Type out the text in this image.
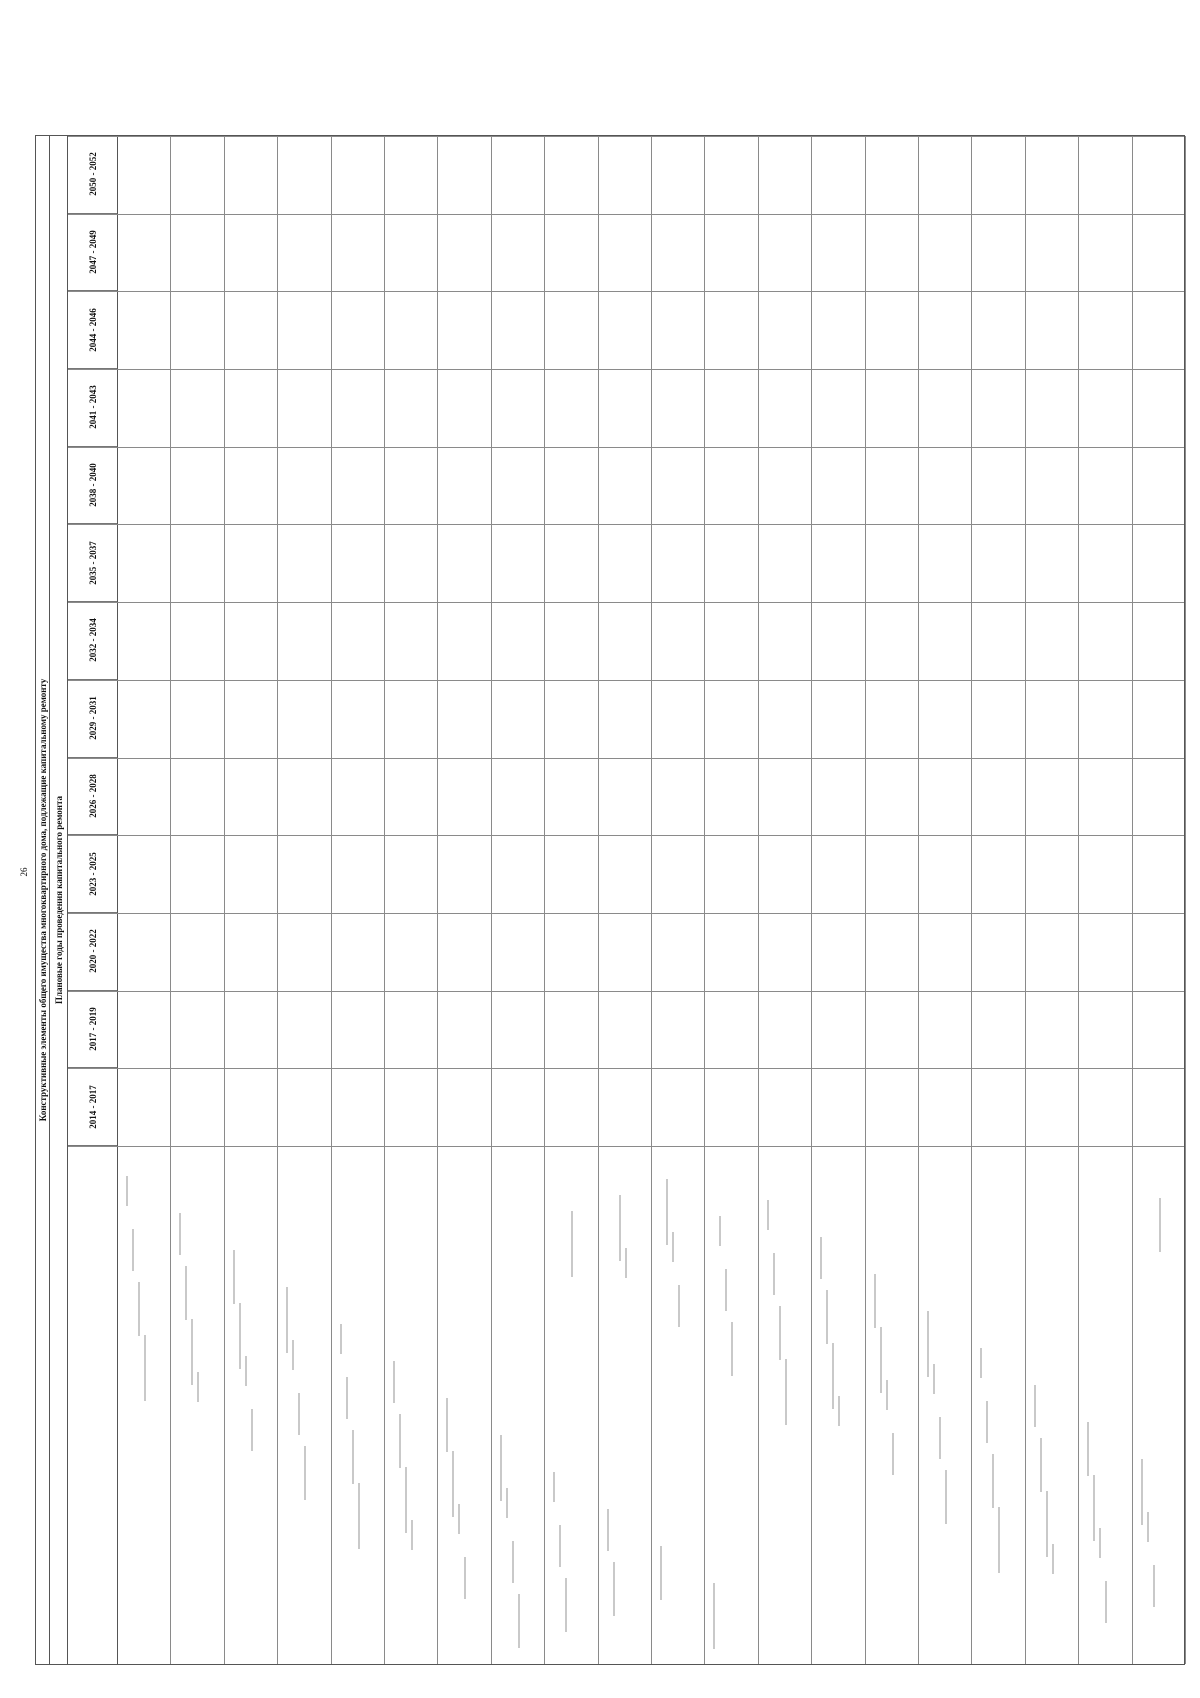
26 Конструктивные элементы общего имущества многоквартирного дома, подлежащие капитальному ремонту Плановые годы проведения капитального ремонта
2014 - 2017
2017 - 2019
2020 - 2022
2023 - 2025
2026 - 2028
2029 - 2031
2032 - 2034
2035 - 2037
2038 - 2040
2041 - 2043
2044 - 2046
2047 - 2049
2050 - 2052
